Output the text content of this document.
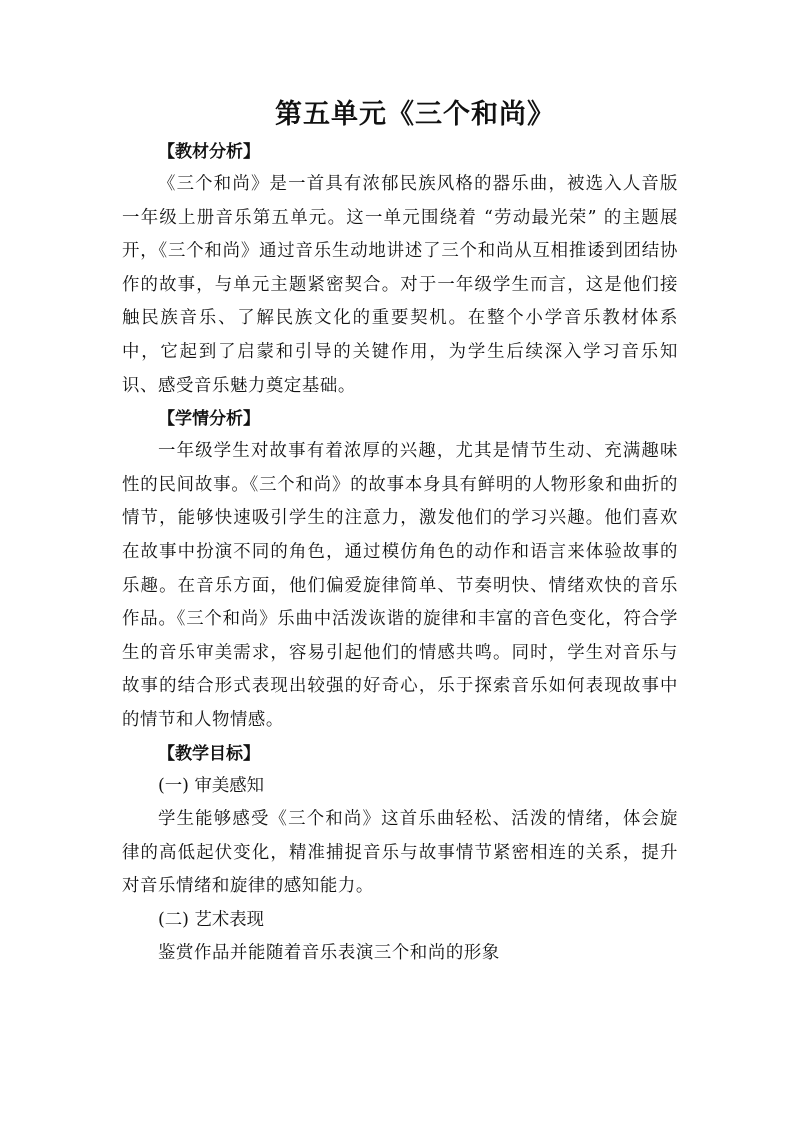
第五单元《三个和尚》
【教材分析】

《三个和尚》是一首具有浓郁民族风格的器乐曲，被选入人音版一年级上册音乐第五单元。这一单元围绕着 “劳动最光荣” 的主题展开，《三个和尚》通过音乐生动地讲述了三个和尚从互相推诿到团结协作的故事，与单元主题紧密契合。对于一年级学生而言，这是他们接触民族音乐、了解民族文化的重要契机。在整个小学音乐教材体系中，它起到了启蒙和引导的关键作用，为学生后续深入学习音乐知识、感受音乐魅力奠定基础。

【学情分析】

一年级学生对故事有着浓厚的兴趣，尤其是情节生动、充满趣味性的民间故事。《三个和尚》的故事本身具有鲜明的人物形象和曲折的情节，能够快速吸引学生的注意力，激发他们的学习兴趣。他们喜欢在故事中扮演不同的角色，通过模仿角色的动作和语言来体验故事的乐趣。在音乐方面，他们偏爱旋律简单、节奏明快、情绪欢快的音乐作品。《三个和尚》乐曲中活泼诙谐的旋律和丰富的音色变化，符合学生的音乐审美需求，容易引起他们的情感共鸣。同时，学生对音乐与故事的结合形式表现出较强的好奇心，乐于探索音乐如何表现故事中的情节和人物情感。

【教学目标】
(一) 审美感知

学生能够感受《三个和尚》这首乐曲轻松、活泼的情绪，体会旋律的高低起伏变化，精准捕捉音乐与故事情节紧密相连的关系，提升对音乐情绪和旋律的感知能力。

(二) 艺术表现

鉴赏作品并能随着音乐表演三个和尚的形象
